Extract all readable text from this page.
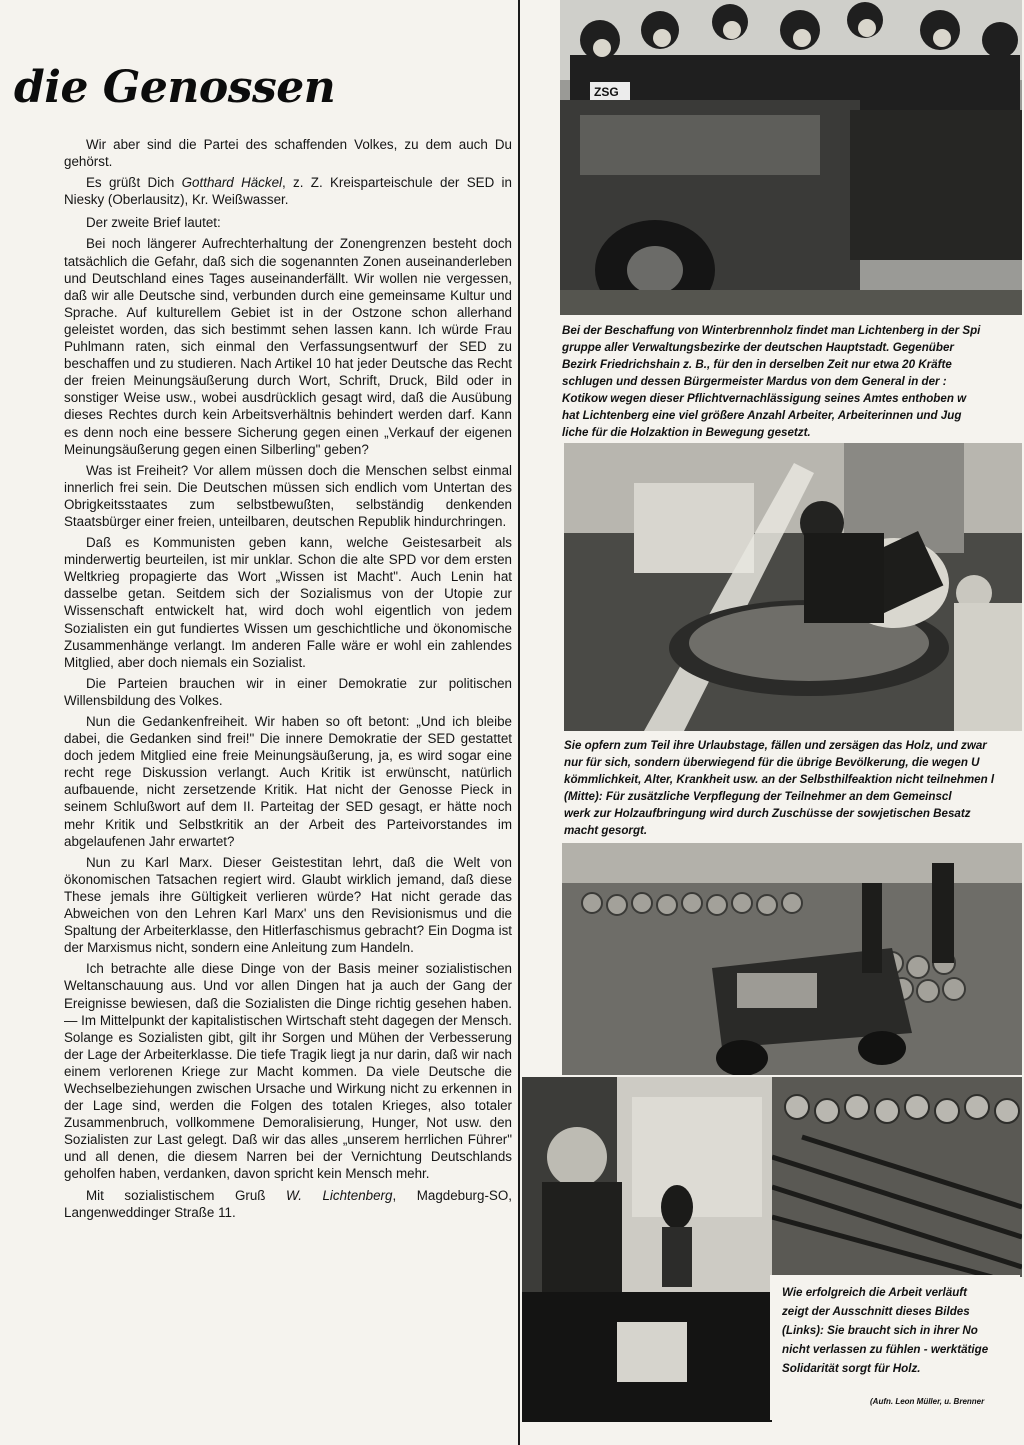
die Genossen

Wir aber sind die Partei des schaffenden Volkes, zu dem auch Du gehörst.

Es grüßt Dich Gotthard Häckel, z. Z. Kreisparteischule der SED in Niesky (Oberlausitz), Kr. Weißwasser.

Der zweite Brief lautet:

Bei noch längerer Aufrechterhaltung der Zonengrenzen besteht doch tatsächlich die Gefahr, daß sich die sogenannten Zonen auseinanderleben und Deutschland eines Tages auseinanderfällt. Wir wollen nie vergessen, daß wir alle Deutsche sind, verbunden durch eine gemeinsame Kultur und Sprache. Auf kulturellem Gebiet ist in der Ostzone schon allerhand geleistet worden, das sich bestimmt sehen lassen kann. Ich würde Frau Puhlmann raten, sich einmal den Verfassungsentwurf der SED zu beschaffen und zu studieren. Nach Artikel 10 hat jeder Deutsche das Recht der freien Meinungsäußerung durch Wort, Schrift, Druck, Bild oder in sonstiger Weise usw., wobei ausdrücklich gesagt wird, daß die Ausübung dieses Rechtes durch kein Arbeitsverhältnis behindert werden darf. Kann es denn noch eine bessere Sicherung gegen einen „Verkauf der eigenen Meinungsäußerung gegen einen Silberling" geben?

Was ist Freiheit? Vor allem müssen doch die Menschen selbst einmal innerlich frei sein. Die Deutschen müssen sich endlich vom Untertan des Obrigkeitsstaates zum selbstbewußten, selbständig denkenden Staatsbürger einer freien, unteilbaren, deutschen Republik hindurchringen.

Daß es Kommunisten geben kann, welche Geistesarbeit als minderwertig beurteilen, ist mir unklar. Schon die alte SPD vor dem ersten Weltkrieg propagierte das Wort „Wissen ist Macht". Auch Lenin hat dasselbe getan. Seitdem sich der Sozialismus von der Utopie zur Wissenschaft entwickelt hat, wird doch wohl eigentlich von jedem Sozialisten ein gut fundiertes Wissen um geschichtliche und ökonomische Zusammenhänge verlangt. Im anderen Falle wäre er wohl ein zahlendes Mitglied, aber doch niemals ein Sozialist.

Die Parteien brauchen wir in einer Demokratie zur politischen Willensbildung des Volkes.

Nun die Gedankenfreiheit. Wir haben so oft betont: „Und ich bleibe dabei, die Gedanken sind frei!" Die innere Demokratie der SED gestattet doch jedem Mitglied eine freie Meinungsäußerung, ja, es wird sogar eine recht rege Diskussion verlangt. Auch Kritik ist erwünscht, natürlich aufbauende, nicht zersetzende Kritik. Hat nicht der Genosse Pieck in seinem Schlußwort auf dem II. Parteitag der SED gesagt, er hätte noch mehr Kritik und Selbstkritik an der Arbeit des Parteivorstandes im abgelaufenen Jahr erwartet?

Nun zu Karl Marx. Dieser Geistestitan lehrt, daß die Welt von ökonomischen Tatsachen regiert wird. Glaubt wirklich jemand, daß diese These jemals ihre Gültigkeit verlieren würde? Hat nicht gerade das Abweichen von den Lehren Karl Marx' uns den Revisionismus und die Spaltung der Arbeiterklasse, den Hitlerfaschismus gebracht? Ein Dogma ist der Marxismus nicht, sondern eine Anleitung zum Handeln.

Ich betrachte alle diese Dinge von der Basis meiner sozialistischen Weltanschauung aus. Und vor allen Dingen hat ja auch der Gang der Ereignisse bewiesen, daß die Sozialisten die Dinge richtig gesehen haben. — Im Mittelpunkt der kapitalistischen Wirtschaft steht dagegen der Mensch. Solange es Sozialisten gibt, gilt ihr Sorgen und Mühen der Verbesserung der Lage der Arbeiterklasse. Die tiefe Tragik liegt ja nur darin, daß wir nach einem verlorenen Kriege zur Macht kommen. Da viele Deutsche die Wechselbeziehungen zwischen Ursache und Wirkung nicht zu erkennen in der Lage sind, werden die Folgen des totalen Krieges, also totaler Zusammenbruch, vollkommene Demoralisierung, Hunger, Not usw. den Sozialisten zur Last gelegt. Daß wir das alles „unserem herrlichen Führer" und all denen, die diesem Narren bei der Vernichtung Deutschlands geholfen haben, verdanken, davon spricht kein Mensch mehr.

Mit sozialistischem Gruß W. Lichtenberg, Magdeburg-SO, Langenweddinger Straße 11.

ZSG

Bei der Beschaffung von Winterbrennholz findet man Lichtenberg in der Spi
gruppe aller Verwaltungsbezirke der deutschen Hauptstadt. Gegenüber
Bezirk Friedrichshain z. B., für den in derselben Zeit nur etwa 20 Kräfte
schlugen und dessen Bürgermeister Mardus von dem General in der :
Kotikow wegen dieser Pflichtvernachlässigung seines Amtes enthoben w
hat Lichtenberg eine viel größere Anzahl Arbeiter, Arbeiterinnen und Jug
liche für die Holzaktion in Bewegung gesetzt.

Sie opfern zum Teil ihre Urlaubstage, fällen und zersägen das Holz, und zwar
nur für sich, sondern überwiegend für die übrige Bevölkerung, die wegen U
kömmlichkeit, Alter, Krankheit usw. an der Selbsthilfeaktion nicht teilnehmen l
(Mitte): Für zusätzliche Verpflegung der Teilnehmer an dem Gemeinscl
werk zur Holzaufbringung wird durch Zuschüsse der sowjetischen Besatz
macht gesorgt.

Wie erfolgreich die Arbeit verläuft
zeigt der Ausschnitt dieses Bildes
(Links): Sie braucht sich in ihrer No
nicht verlassen zu fühlen - werktätige
Solidarität sorgt für Holz.

(Aufn. Leon Müller, u. Brenner
